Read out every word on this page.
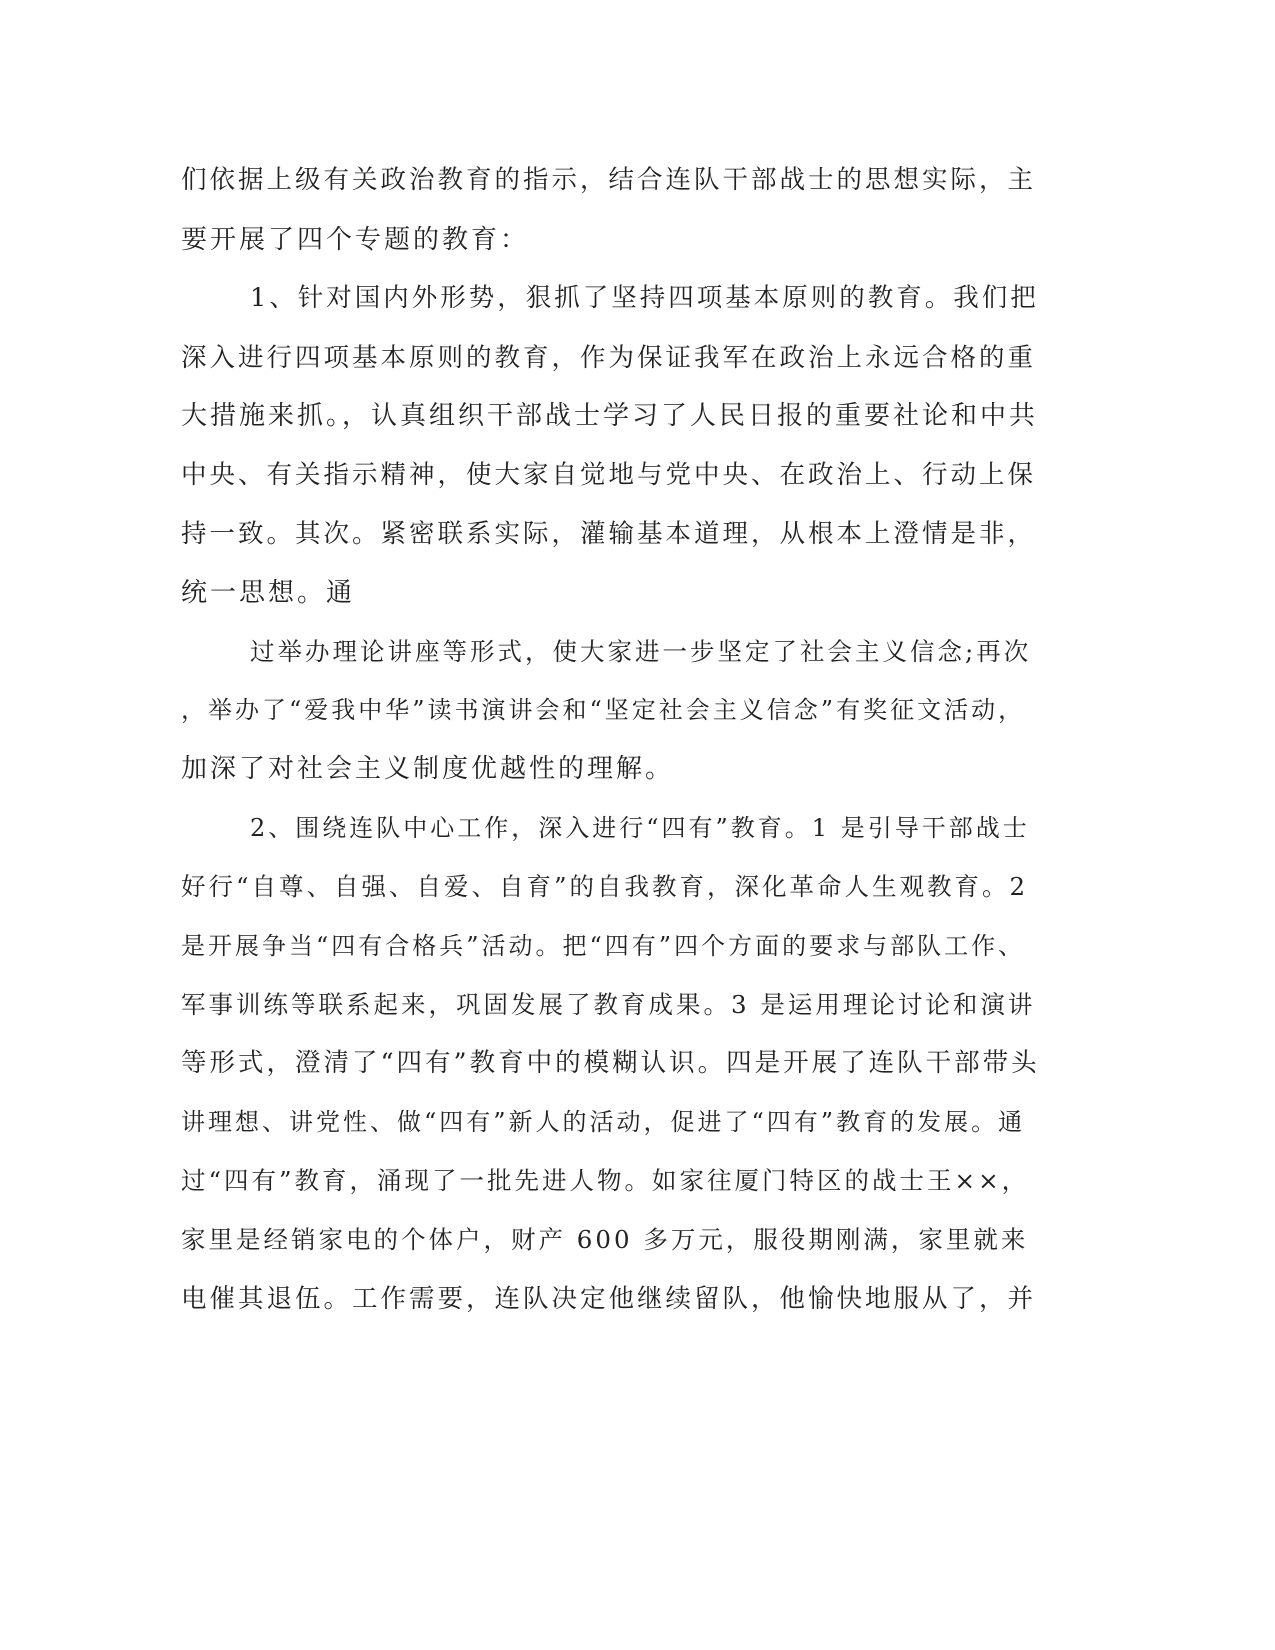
们依据上级有关政治教育的指示，结合连队干部战士的思想实际，主
要开展了四个专题的教育：
1、针对国内外形势，狠抓了坚持四项基本原则的教育。我们把
深入进行四项基本原则的教育，作为保证我军在政治上永远合格的重
大措施来抓。，认真组织干部战士学习了人民日报的重要社论和中共
中央、有关指示精神，使大家自觉地与党中央、在政治上、行动上保
持一致。其次。紧密联系实际，灌输基本道理，从根本上澄情是非，
统一思想。通
过举办理论讲座等形式，使大家进一步坚定了社会主义信念;再次
，举办了“爱我中华”读书演讲会和“坚定社会主义信念”有奖征文活动，
加深了对社会主义制度优越性的理解。
2、围绕连队中心工作，深入进行“四有”教育。1 是引导干部战士
好行“自尊、自强、自爱、自育”的自我教育，深化革命人生观教育。2
是开展争当“四有合格兵”活动。把“四有”四个方面的要求与部队工作、
军事训练等联系起来，巩固发展了教育成果。3 是运用理论讨论和演讲
等形式，澄清了“四有”教育中的模糊认识。四是开展了连队干部带头
讲理想、讲党性、做“四有”新人的活动，促进了“四有”教育的发展。通
过“四有”教育，涌现了一批先进人物。如家往厦门特区的战士王××，
家里是经销家电的个体户，财产 600 多万元，服役期刚满，家里就来
电催其退伍。工作需要，连队决定他继续留队，他愉快地服从了，并
